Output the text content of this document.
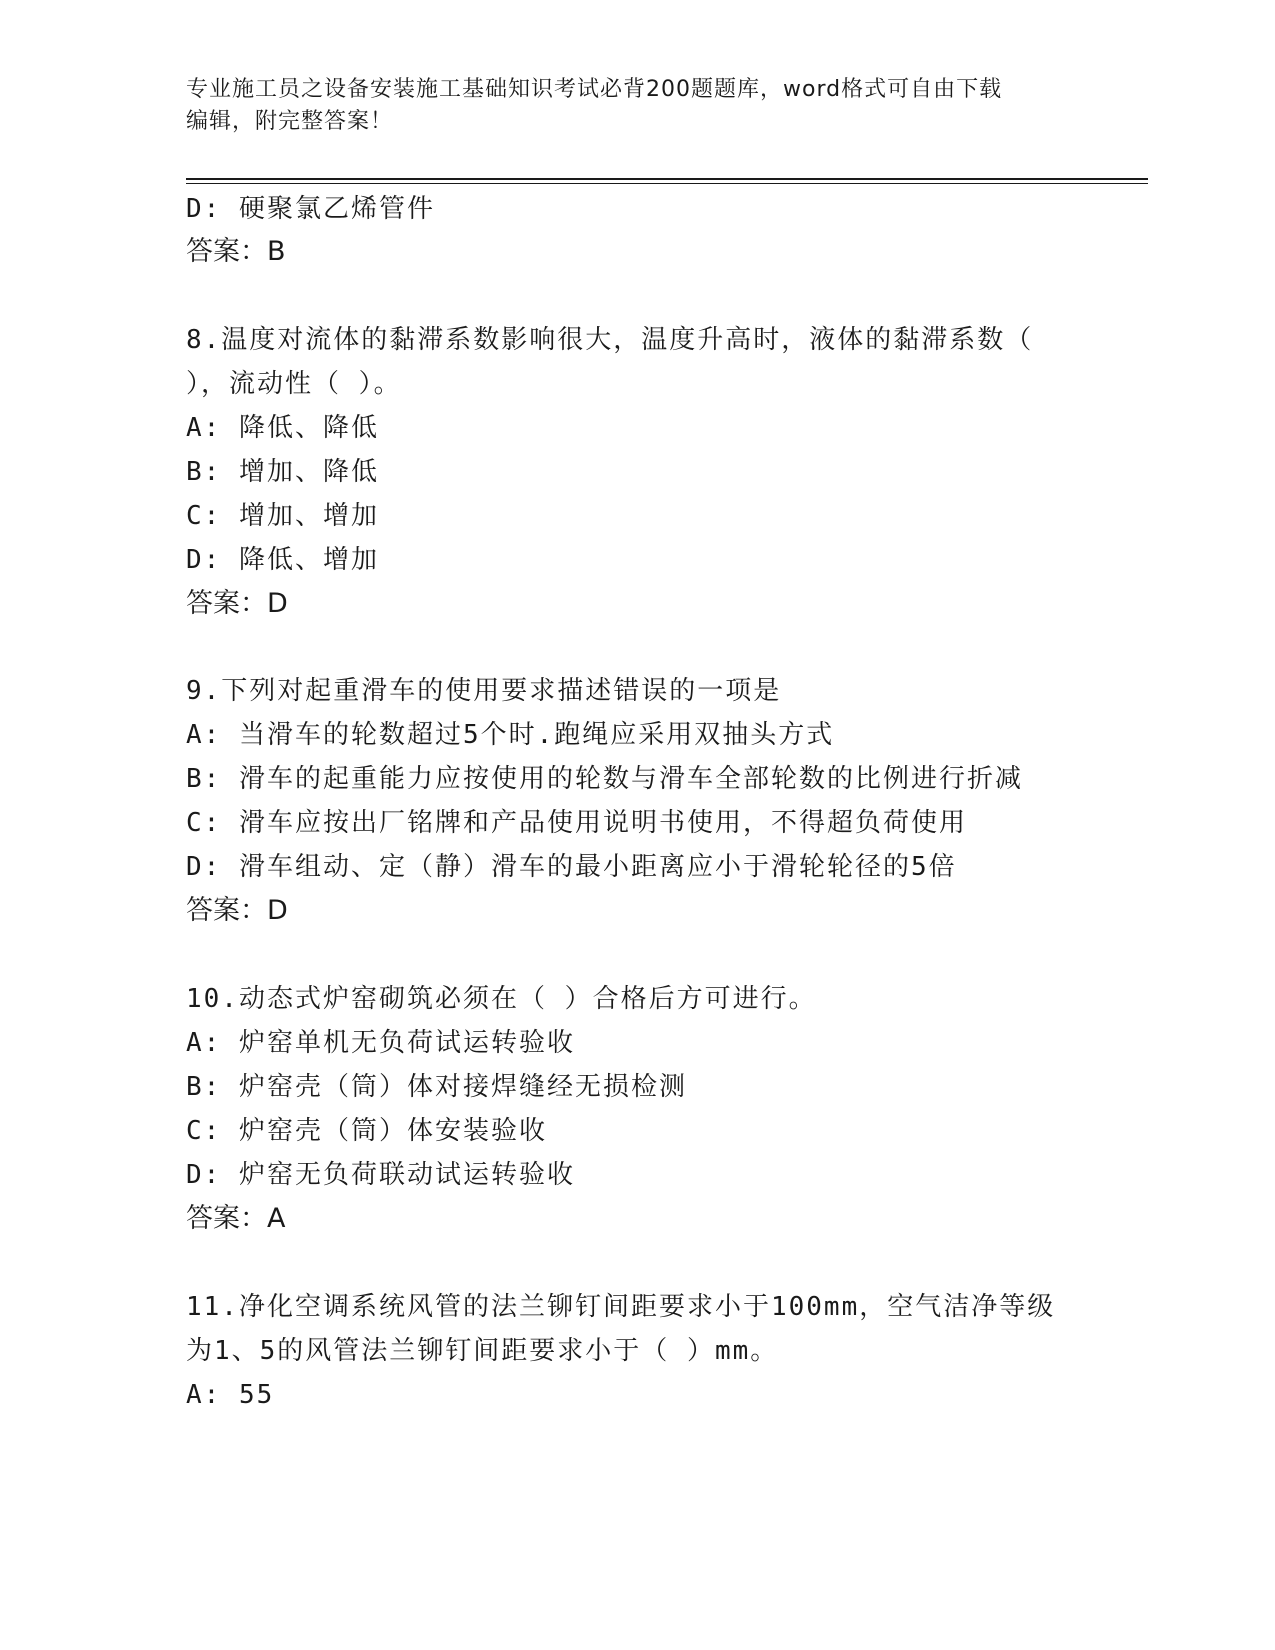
专业施工员之设备安装施工基础知识考试必背200题题库，word格式可自由下载
编辑，附完整答案！
D: 硬聚氯乙烯管件
答案：B
8.温度对流体的黏滞系数影响很大，温度升高时，液体的黏滞系数（
），流动性（ ）。
A: 降低、降低
B: 增加、降低
C: 增加、增加
D: 降低、增加
答案：D
9.下列对起重滑车的使用要求描述错误的一项是
A: 当滑车的轮数超过5个时.跑绳应采用双抽头方式
B: 滑车的起重能力应按使用的轮数与滑车全部轮数的比例进行折减
C: 滑车应按出厂铭牌和产品使用说明书使用，不得超负荷使用
D: 滑车组动、定（静）滑车的最小距离应小于滑轮轮径的5倍
答案：D
10.动态式炉窑砌筑必须在（ ）合格后方可进行。
A: 炉窑单机无负荷试运转验收
B: 炉窑壳（筒）体对接焊缝经无损检测
C: 炉窑壳（筒）体安装验收
D: 炉窑无负荷联动试运转验收
答案：A
11.净化空调系统风管的法兰铆钉间距要求小于100mm，空气洁净等级
为1、5的风管法兰铆钉间距要求小于（ ）mm。
A: 55
